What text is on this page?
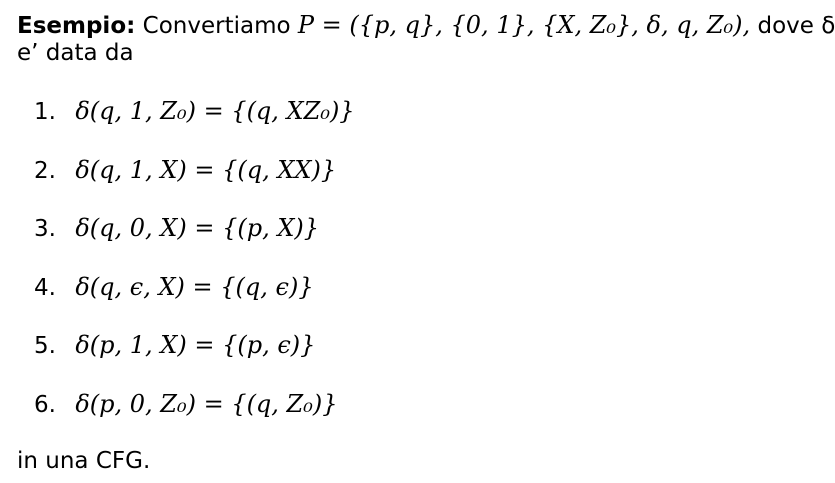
Esempio: Convertiamo P = ({p, q}, {0, 1}, {X, Z₀}, δ, q, Z₀), dove δ
e’ data da
1. δ(q, 1, Z₀) = {(q, XZ₀)}
2. δ(q, 1, X) = {(q, XX)}
3. δ(q, 0, X) = {(p, X)}
4. δ(q, ϵ, X) = {(q, ϵ)}
5. δ(p, 1, X) = {(p, ϵ)}
6. δ(p, 0, Z₀) = {(q, Z₀)}
in una CFG.
